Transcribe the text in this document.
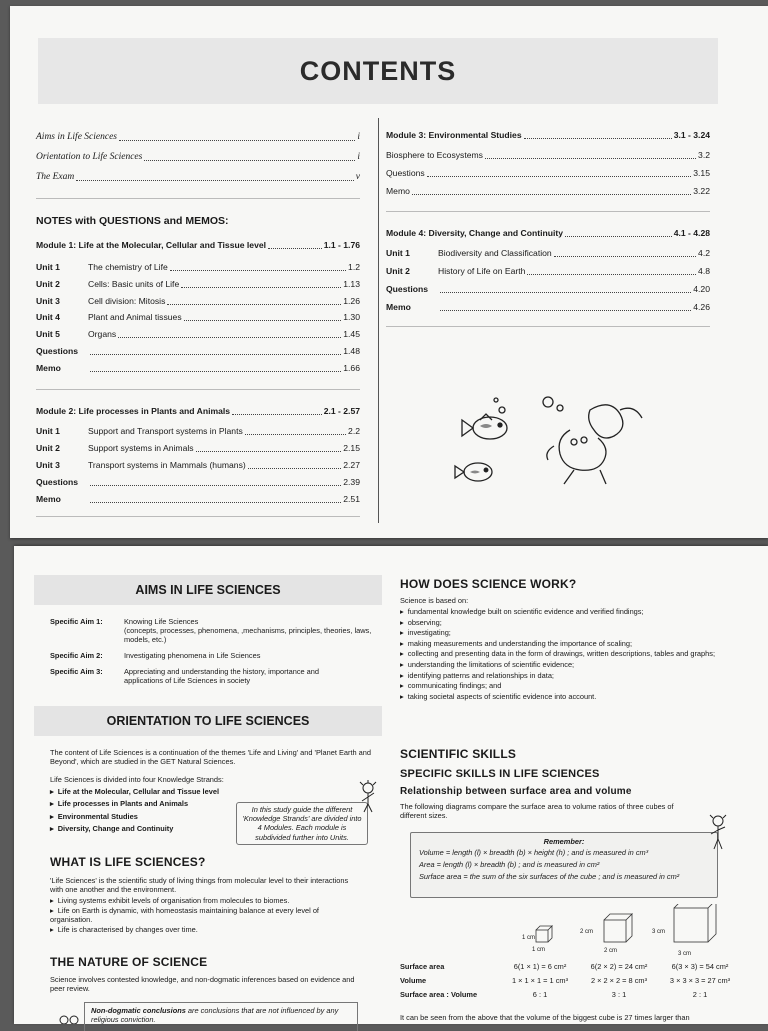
CONTENTS
Aims in Life Sciences	i
Orientation to Life Sciences	i
The Exam	v
NOTES with QUESTIONS and MEMOS:
Module 1: Life at the Molecular, Cellular and Tissue level	1.1 - 1.76
Unit 1	The chemistry of Life	1.2
Unit 2	Cells: Basic units of Life	1.13
Unit 3	Cell division: Mitosis	1.26
Unit 4	Plant and Animal tissues	1.30
Unit 5	Organs	1.45
Questions	1.48
Memo	1.66
Module 2: Life processes in Plants and Animals	2.1 - 2.57
Unit 1	Support and Transport systems in Plants	2.2
Unit 2	Support systems in Animals	2.15
Unit 3	Transport systems in Mammals (humans)	2.27
Questions	2.39
Memo	2.51
Module 3: Environmental Studies	3.1 - 3.24
Biosphere to Ecosystems	3.2
Questions	3.15
Memo	3.22
Module 4: Diversity, Change and Continuity	4.1 - 4.28
Unit 1	Biodiversity and Classification	4.2
Unit 2	History of Life on Earth	4.8
Questions	4.20
Memo	4.26
AIMS IN LIFE SCIENCES
Specific Aim 1:	Knowing Life Sciences
(concepts, processes, phenomena, ,mechanisms, principles, theories, laws, models, etc.)
Specific Aim 2:	Investigating phenomena in Life Sciences
Specific Aim 3:	Appreciating and understanding the history, importance and applications of Life Sciences in society
ORIENTATION TO LIFE SCIENCES
The content of Life Sciences is a continuation of the themes 'Life and Living' and 'Planet Earth and Beyond', which are studied in the GET Natural Sciences.
Life Sciences is divided into four Knowledge Strands:
▸ Life at the Molecular, Cellular and Tissue level
▸ Life processes in Plants and Animals
▸ Environmental Studies
▸ Diversity, Change and Continuity
In this study guide the different 'Knowledge Strands' are divided into 4 Modules. Each module is subdivided further into Units.
WHAT IS LIFE SCIENCES?
'Life Sciences' is the scientific study of living things from molecular level to their interactions with one another and the environment.
▸ Living systems exhibit levels of organisation from molecules to biomes.
▸ Life on Earth is dynamic, with homeostasis maintaining balance at every level of organisation.
▸ Life is characterised by changes over time.
THE NATURE OF SCIENCE
Science involves contested knowledge, and non-dogmatic inferences based on evidence and peer review.
Non-dogmatic conclusions are conclusions that are not influenced by any religious conviction.
HOW DOES SCIENCE WORK?
Science is based on:
▸ fundamental knowledge built on scientific evidence and verified findings;
▸ observing;
▸ investigating;
▸ making measurements and understanding the importance of scaling;
▸ collecting and presenting data in the form of drawings, written descriptions, tables and graphs;
▸ understanding the limitations of scientific evidence;
▸ identifying patterns and relationships in data;
▸ communicating findings; and
▸ taking societal aspects of scientific evidence into account.
SCIENTIFIC SKILLS
SPECIFIC SKILLS IN LIFE SCIENCES
Relationship between surface area and volume
The following diagrams compare the surface area to volume ratios of three cubes of different sizes.
Remember:
Volume = length (l) × breadth (b) × height (h) ; and is measured in cm³
Area = length (l) × breadth (b) ; and is measured in cm²
Surface area = the sum of the six surfaces of the cube ; and is measured in cm²
1 cm
1 cm
2 cm
2 cm
3 cm
3 cm
Surface area	6(1 × 1) = 6 cm²	6(2 × 2) = 24 cm²	6(3 × 3) = 54 cm²
Volume	1 × 1 × 1 = 1 cm³	2 × 2 × 2 = 8 cm³	3 × 3 × 3 = 27 cm³
Surface area : Volume	6 : 1	3 : 1	2 : 1
It can be seen from the above that the volume of the biggest cube is 27 times larger than
